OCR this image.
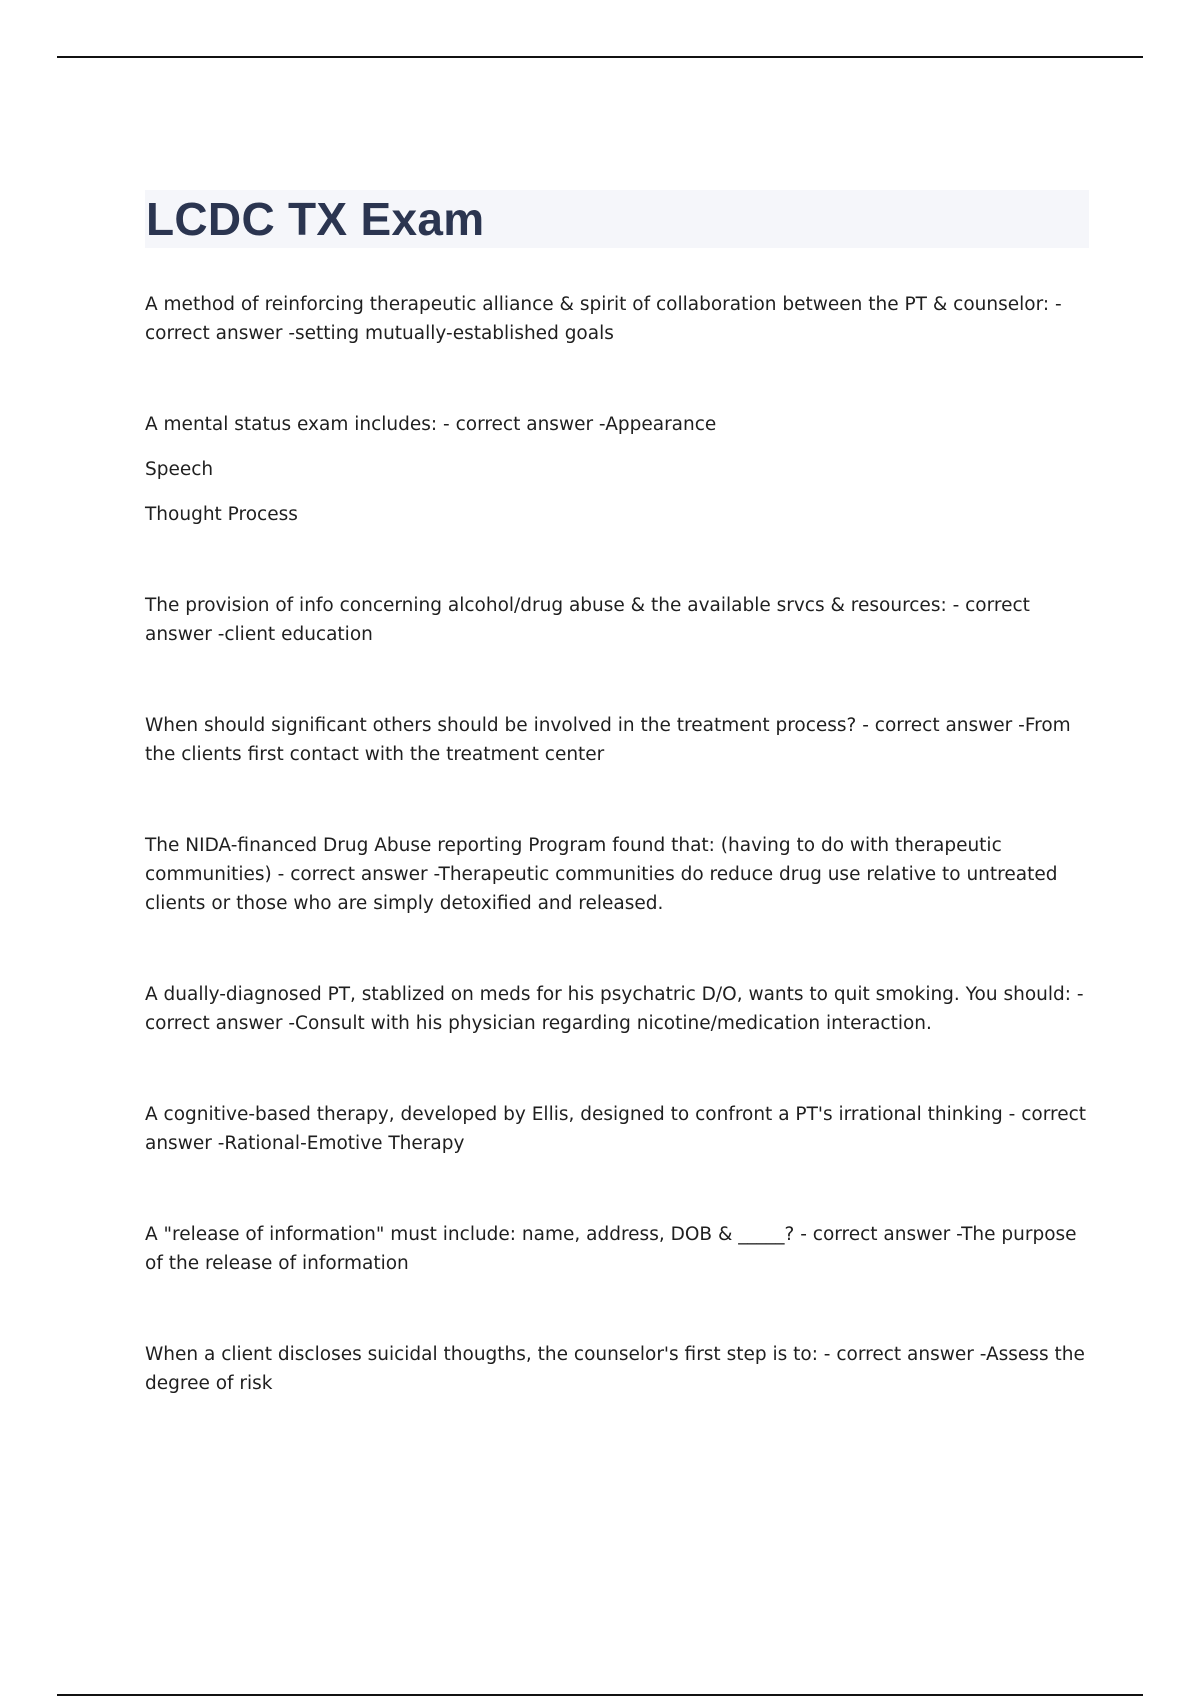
LCDC TX Exam

A method of reinforcing therapeutic alliance & spirit of collaboration between the PT & counselor: - correct answer -setting mutually-established goals

A mental status exam includes: - correct answer -Appearance

Speech

Thought Process

The provision of info concerning alcohol/drug abuse & the available srvcs & resources: - correct answer -client education

When should significant others should be involved in the treatment process? - correct answer -From the clients first contact with the treatment center

The NIDA-financed Drug Abuse reporting Program found that: (having to do with therapeutic communities) - correct answer -Therapeutic communities do reduce drug use relative to untreated clients or those who are simply detoxified and released.

A dually-diagnosed PT, stablized on meds for his psychatric D/O, wants to quit smoking. You should: - correct answer -Consult with his physician regarding nicotine/medication interaction.

A cognitive-based therapy, developed by Ellis, designed to confront a PT's irrational thinking - correct answer -Rational-Emotive Therapy

A "release of information" must include: name, address, DOB & _____? - correct answer -The purpose of the release of information

When a client discloses suicidal thougths, the counselor's first step is to: - correct answer -Assess the degree of risk
